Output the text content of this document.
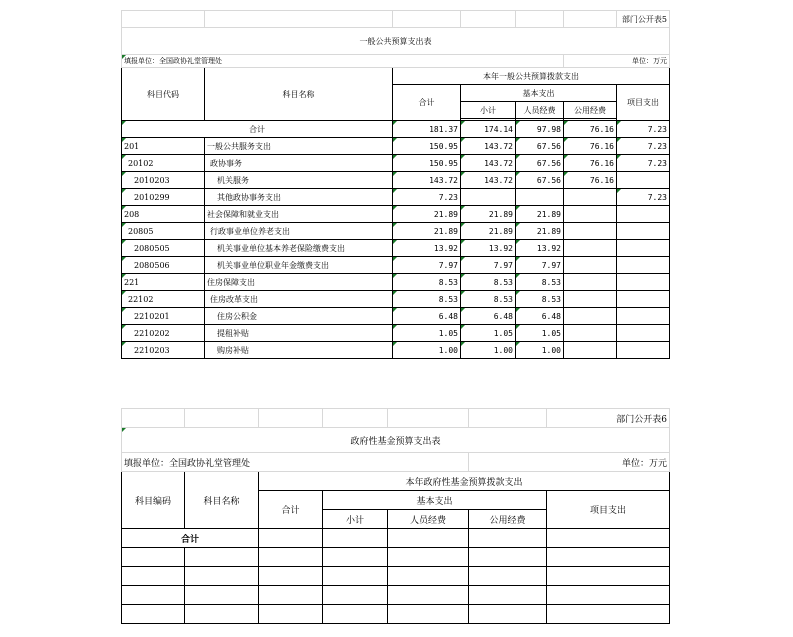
						部门公开表5
一般公共预算支出表						
填报单位：全国政协礼堂管理处					单位：万元	
科目代码	科目名称	本年一般公共预算拨款支出				
		合计	基本支出			项目支出
			小计	人员经费	公用经费	

合计		181.37	174.14	97.98	76.16	7.23
201	一般公共服务支出	150.95	143.72	67.56	76.16	7.23
20102	政协事务	150.95	143.72	67.56	76.16	7.23
2010203	机关服务	143.72	143.72	67.56	76.16	
2010299	其他政协事务支出	7.23				7.23
208	社会保障和就业支出	21.89	21.89	21.89		
20805	行政事业单位养老支出	21.89	21.89	21.89		
2080505	机关事业单位基本养老保险缴费支出	13.92	13.92	13.92		
2080506	机关事业单位职业年金缴费支出	7.97	7.97	7.97		
221	住房保障支出	8.53	8.53	8.53		
22102	住房改革支出	8.53	8.53	8.53		
2210201	住房公积金	6.48	6.48	6.48		
2210202	提租补贴	1.05	1.05	1.05		
2210203	购房补贴	1.00	1.00	1.00		
						部门公开表6
政府性基金预算支出表						
填报单位：全国政协礼堂管理处					单位：万元	
科目编码	科目名称	本年政府性基金预算拨款支出				
		合计	基本支出			项目支出
			小计	人员经费	公用经费	
合计						
